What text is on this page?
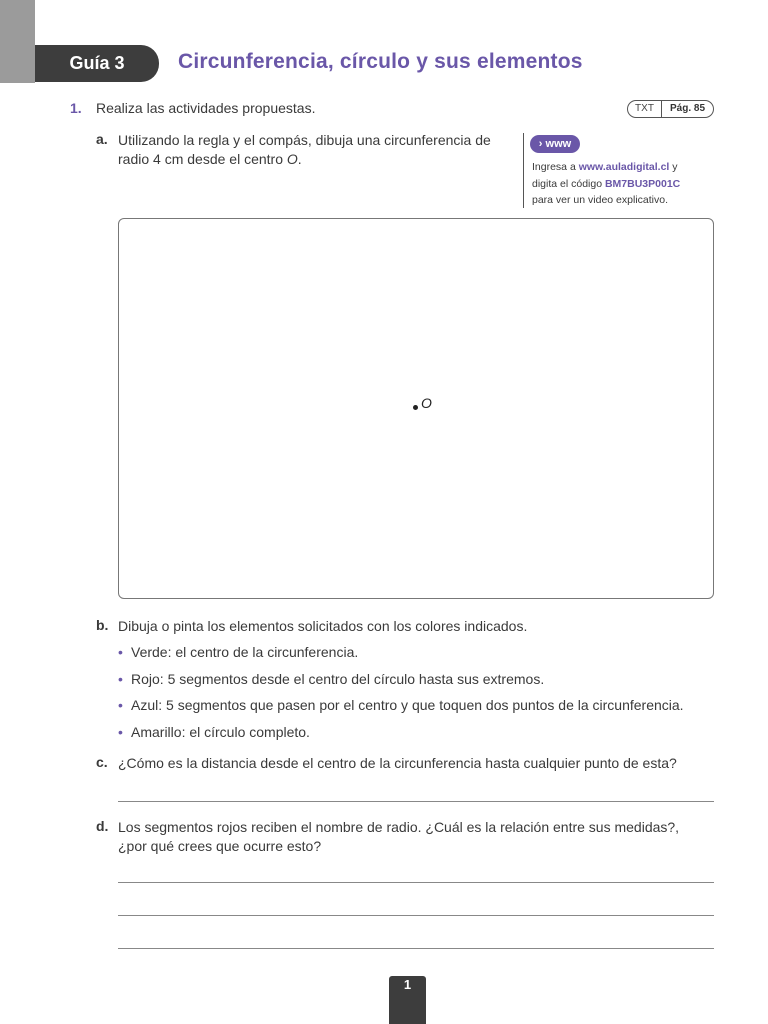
Guía 3	Circunferencia, círculo y sus elementos
1. Realiza las actividades propuestas.	TXT	Pág. 85
a. Utilizando la regla y el compás, dibuja una circunferencia de
radio 4 cm desde el centro O.

› www

Ingresa a www.auladigital.cl y
digita el código BM7BU3P001C
para ver un video explicativo.

O
b. Dibuja o pinta los elementos solicitados con los colores indicados.

• Verde: el centro de la circunferencia.
• Rojo: 5 segmentos desde el centro del círculo hasta sus extremos.
• Azul: 5 segmentos que pasen por el centro y que toquen dos puntos de la circunferencia.
• Amarillo: el círculo completo.
c. ¿Cómo es la distancia desde el centro de la circunferencia hasta cualquier punto de esta?

d. Los segmentos rojos reciben el nombre de radio. ¿Cuál es la relación entre sus medidas?,
¿por qué crees que ocurre esto?

1
